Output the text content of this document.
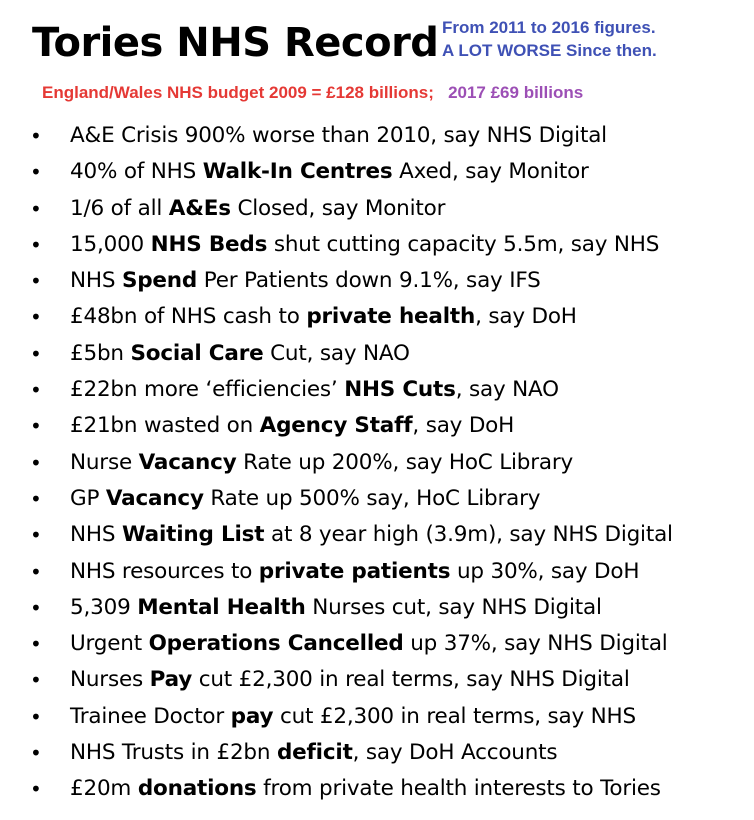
Tories NHS Record From 2011 to 2016 figures.
A LOT WORSE Since then.
England/Wales NHS budget 2009 = £128 billions; 2017 £69 billions
• A&E Crisis 900% worse than 2010, say NHS Digital
• 40% of NHS Walk-In Centres Axed, say Monitor
• 1/6 of all A&Es Closed, say Monitor
• 15,000 NHS Beds shut cutting capacity 5.5m, say NHS
• NHS Spend Per Patients down 9.1%, say IFS
• £48bn of NHS cash to private health, say DoH
• £5bn Social Care Cut, say NAO
• £22bn more ‘efficiencies’ NHS Cuts, say NAO
• £21bn wasted on Agency Staff, say DoH
• Nurse Vacancy Rate up 200%, say HoC Library
• GP Vacancy Rate up 500% say, HoC Library
• NHS Waiting List at 8 year high (3.9m), say NHS Digital
• NHS resources to private patients up 30%, say DoH
• 5,309 Mental Health Nurses cut, say NHS Digital
• Urgent Operations Cancelled up 37%, say NHS Digital
• Nurses Pay cut £2,300 in real terms, say NHS Digital
• Trainee Doctor pay cut £2,300 in real terms, say NHS
• NHS Trusts in £2bn deficit, say DoH Accounts
• £20m donations from private health interests to Tories
